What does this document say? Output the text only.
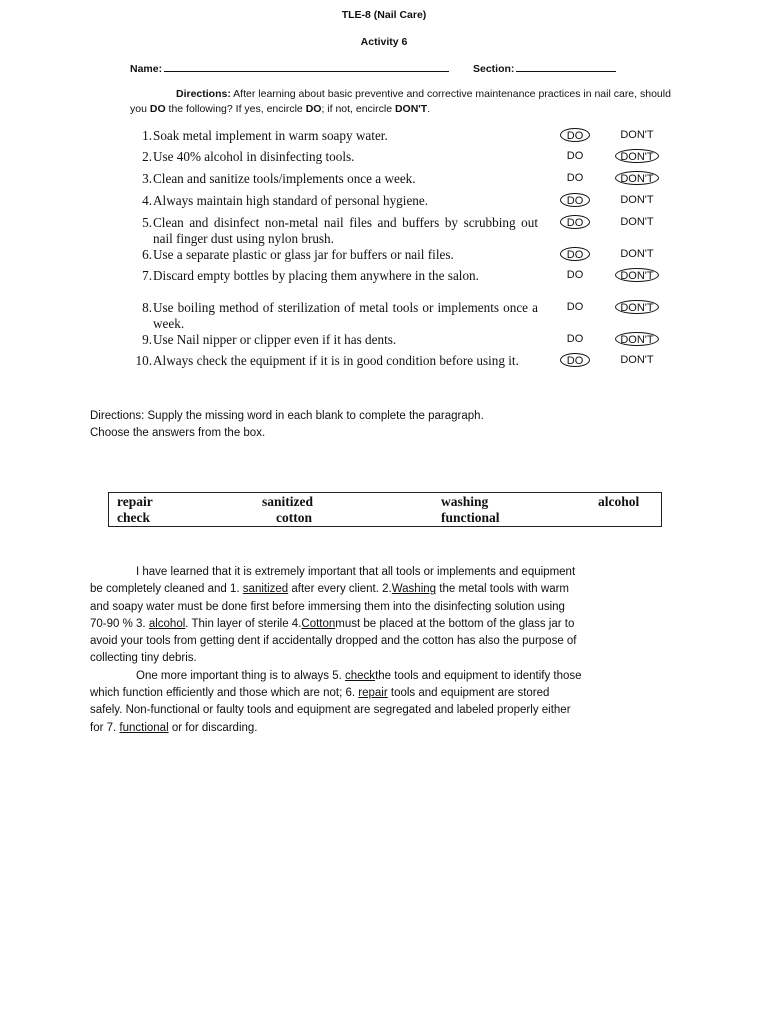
TLE-8 (Nail Care)
Activity 6
Name:	Section:
Directions: After learning about basic preventive and corrective maintenance practices in nail care, should you DO the following? If yes, encircle DO; if not, encircle DON'T.
1. Soak metal implement in warm soapy water.	DO	DON'T
2. Use 40% alcohol in disinfecting tools.	DO	DON'T
3. Clean and sanitize tools/implements once a week.	DO	DON'T
4. Always maintain high standard of personal hygiene.	DO	DON'T
5. Clean and disinfect non-metal nail files and buffers by scrubbing out nail finger dust using nylon brush.
DO	DON'T
6. Use a separate plastic or glass jar for buffers or nail files.	DO	DON'T
7. Discard empty bottles by placing them anywhere in the salon.	DO	DON'T
8. Use boiling method of sterilization of metal tools or implements once a week.
DO	DON'T
9. Use Nail nipper or clipper even if it has dents.	DO	DON'T
10. Always check the equipment if it is in good condition before using it.	DO	DON'T
Directions: Supply the missing word in each blank to complete the paragraph.
Choose the answers from the box.
repair	sanitized	washing	alcohol
check	cotton	functional

I have learned that it is extremely important that all tools or implements and equipment be completely cleaned and 1. sanitized after every client. 2.Washing the metal tools with warm and soapy water must be done first before immersing them into the disinfecting solution using 70-90 % 3. alcohol. Thin layer of sterile 4.Cottonmust be placed at the bottom of the glass jar to avoid your tools from getting dent if accidentally dropped and the cotton has also the purpose of collecting tiny debris.

One more important thing is to always 5. checkthe tools and equipment to identify those which function efficiently and those which are not; 6. repair tools and equipment are stored safely. Non-functional or faulty tools and equipment are segregated and labeled properly either for 7. functional or for discarding.
